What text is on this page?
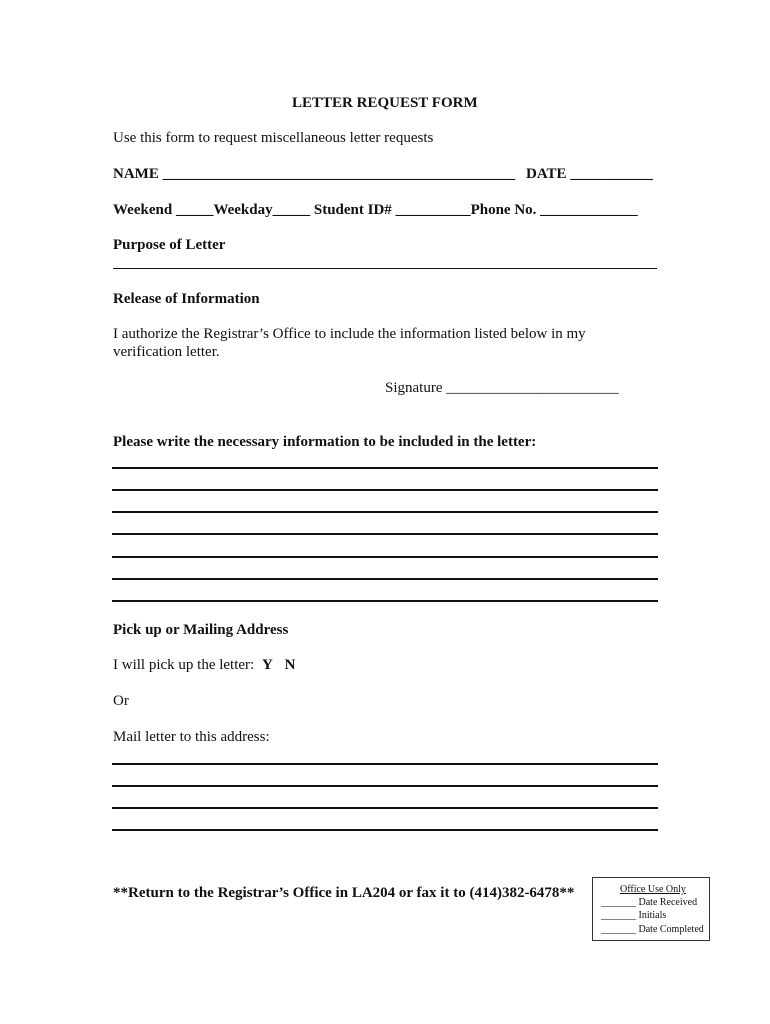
LETTER REQUEST FORM
Use this form to request miscellaneous letter requests
NAME _______________________________________________ DATE ___________
Weekend _____Weekday_____ Student ID# __________Phone No. _____________
Purpose of Letter
Release of Information
I authorize the Registrar’s Office to include the information listed below in my
verification letter.
Signature _______________________
Please write the necessary information to be included in the letter:
Pick up or Mailing Address
I will pick up the letter: Y N
Or
Mail letter to this address:
**Return to the Registrar’s Office in LA204 or fax it to (414)382-6478**	Office Use Only
_______ Date Received
_______ Initials
_______ Date Completed
